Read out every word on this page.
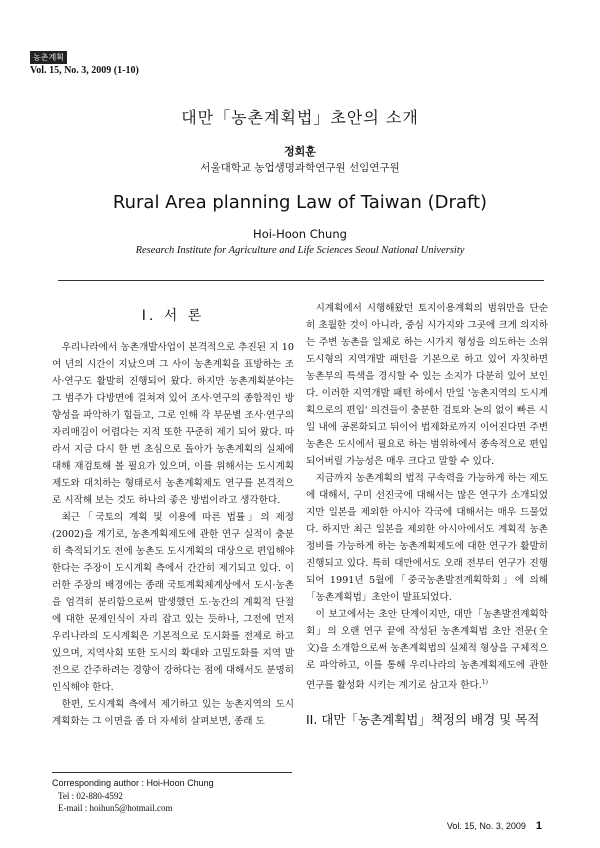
농촌계획
Vol. 15, No. 3, 2009 (1-10)
대만「농촌계획법」초안의 소개
정회훈
서울대학교 농업생명과학연구원 선임연구원
Rural Area planning Law of Taiwan (Draft)
Hoi-Hoon Chung
Research Institute for Agriculture and Life Sciences Seoul National University
I. 서 론

우리나라에서 농촌개발사업이 본격적으로 추진된 지 10여 년의 시간이 지났으며 그 사이 농촌계획을 표방하는 조사·연구도 활발히 진행되어 왔다. 하지만 농촌계획분야는 그 범주가 다방면에 걸쳐져 있어 조사·연구의 종합적인 방향성을 파악하기 힘들고, 그로 인해 각 부문별 조사·연구의 자리매김이 어렵다는 지적 또한 꾸준히 제기 되어 왔다. 따라서 지금 다시 한 번 초심으로 돌아가 농촌계획의 실체에 대해 재검토해 볼 필요가 있으며, 이를 위해서는 도시계획제도와 대치하는 형태로서 농촌계획제도 연구를 본격적으로 시작해 보는 것도 하나의 좋은 방법이라고 생각한다.

최근「국토의 계획 및 이용에 따른 법률」의 제정(2002)을 계기로, 농촌계획제도에 관한 연구 실적이 충분히 축적되기도 전에 농촌도 도시계획의 대상으로 편입해야 한다는 주장이 도시계획 측에서 간간히 제기되고 있다. 이러한 주장의 배경에는 종래 국토계획체계상에서 도시·농촌을 엄격히 분리함으로써 발생했던 도·농간의 계획적 단절에 대한 문제인식이 자리 잡고 있는 듯하나, 그전에 먼저 우리나라의 도시계획은 기본적으로 도시화를 전제로 하고 있으며, 지역사회 또한 도시의 확대와 고밀도화를 지역 발전으로 간주하려는 경향이 강하다는 점에 대해서도 분명히 인식해야 한다.

한편, 도시계획 측에서 제기하고 있는 농촌지역의 도시계획화는 그 이면을 좀 더 자세히 살펴보면, 종래 도

시계획에서 시행해왔던 토지이용계획의 범위만을 단순히 초월한 것이 아니라, 중심 시가지와 그곳에 크게 의지하는 주변 농촌을 일체로 하는 시가지 형성을 의도하는 소위 도시형의 지역개발 패턴을 기본으로 하고 있어 자칫하면 농촌부의 특색을 경시할 수 있는 소지가 다분히 있어 보인다. 이러한 지역개발 패턴 하에서 만일 '농촌지역의 도시계획으로의 편입' 의견들이 충분한 검토와 논의 없이 빠른 시일 내에 공론화되고 뒤이어 법제화로까지 이어진다면 주변 농촌은 도시에서 필요로 하는 범위하에서 종속적으로 편입 되어버릴 가능성은 매우 크다고 말할 수 있다.

지금까지 농촌계획의 법적 구속력을 가능하게 하는 제도에 대해서, 구미 선진국에 대해서는 많은 연구가 소개되었지만 일본을 제외한 아시아 각국에 대해서는 매우 드물었다. 하지만 최근 일본을 제외한 아시아에서도 계획적 농촌정비를 가능하게 하는 농촌계획제도에 대한 연구가 활발히 진행되고 있다. 특히 대만에서도 오래 전부터 연구가 진행되어 1991년 5월에「중국농촌발전계획학회」에 의해「농촌계획법」초안이 발표되었다.

이 보고에서는 초안 단계이지만, 대만「농촌발전계획학회」의 오랜 연구 끝에 작성된 농촌계획법 초안 전문(全文)을 소개함으로써 농촌계획법의 실체적 형상을 구체적으로 파악하고, 이를 통해 우리나라의 농촌계획제도에 관한 연구를 활성화 시키는 계기로 삼고자 한다.$^{1)}$

II. 대만「농촌계획법」책정의 배경 및 목적
Corresponding author : Hoi-Hoon Chung
Tel : 02-880-4592
E-mail : hoihun5@hotmail.com
Vol. 15, No. 3, 2009 1
